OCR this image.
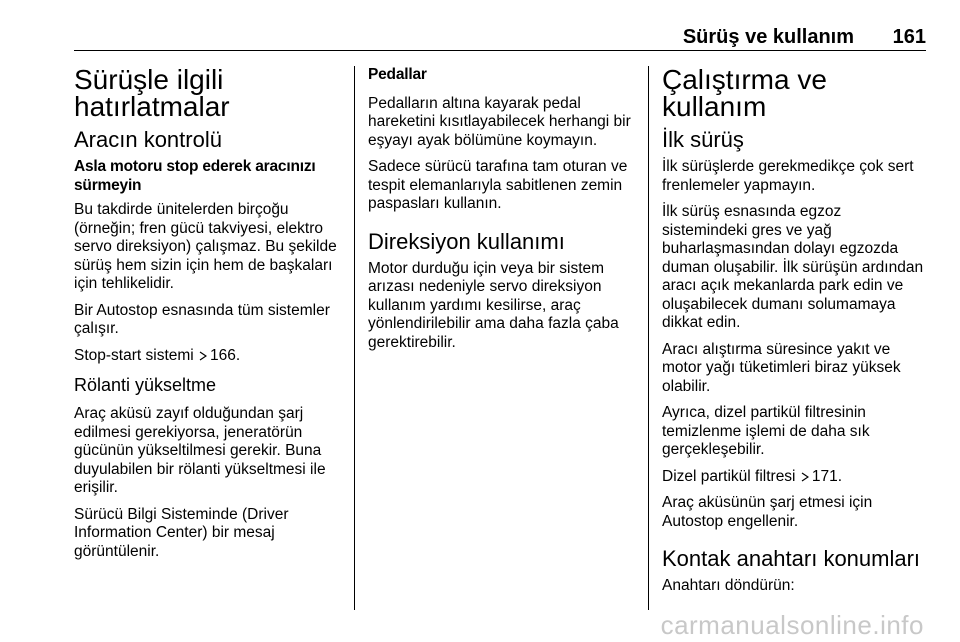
Sürüş ve kullanım 161
Sürüşle ilgili hatırlatmalar
Aracın kontrolü
Asla motoru stop ederek aracınızı sürmeyin

Bu takdirde ünitelerden birçoğu (örneğin; fren gücü takviyesi, elektro servo direksiyon) çalışmaz. Bu şekilde sürüş hem sizin için hem de başkaları için tehlikelidir.

Bir Autostop esnasında tüm sistemler çalışır.

Stop-start sistemi 166.

Rölanti yükseltme

Araç aküsü zayıf olduğundan şarj edilmesi gerekiyorsa, jeneratörün gücünün yükseltilmesi gerekir. Buna duyulabilen bir rölanti yükseltmesi ile erişilir.

Sürücü Bilgi Sisteminde (Driver Information Center) bir mesaj görüntülenir.

Pedallar

Pedalların altına kayarak pedal hareketini kısıtlayabilecek herhangi bir eşyayı ayak bölümüne koymayın.

Sadece sürücü tarafına tam oturan ve tespit elemanlarıyla sabitlenen zemin paspasları kullanın.

Direksiyon kullanımı

Motor durduğu için veya bir sistem arızası nedeniyle servo direksiyon kullanım yardımı kesilirse, araç yönlendirilebilir ama daha fazla çaba gerektirebilir.

Çalıştırma ve kullanım
İlk sürüş

İlk sürüşlerde gerekmedikçe çok sert frenlemeler yapmayın.

İlk sürüş esnasında egzoz sistemindeki gres ve yağ buharlaşmasından dolayı egzozda duman oluşabilir. İlk sürüşün ardından aracı açık mekanlarda park edin ve oluşabilecek dumanı solumamaya dikkat edin.

Aracı alıştırma süresince yakıt ve motor yağı tüketimleri biraz yüksek olabilir.

Ayrıca, dizel partikül filtresinin temizlenme işlemi de daha sık gerçekleşebilir.

Dizel partikül filtresi 171.

Araç aküsünün şarj etmesi için Autostop engellenir.

Kontak anahtarı konumları

Anahtarı döndürün:

carmanualsonline.info
